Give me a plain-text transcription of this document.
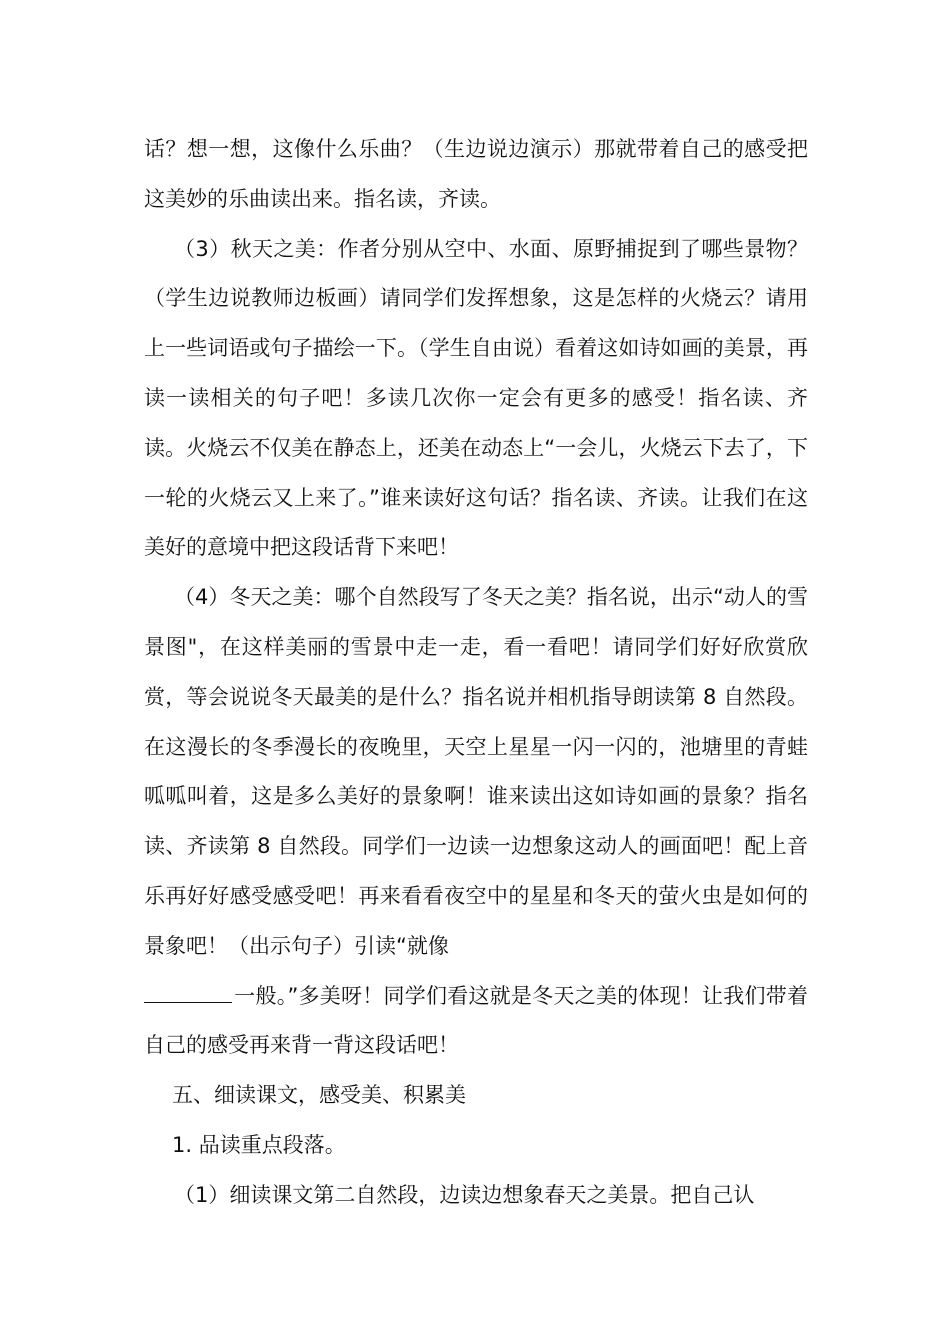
话？想一想，这像什么乐曲？（生边说边演示）那就带着自己的感受把这美妙的乐曲读出来。指名读，齐读。

（3）秋天之美：作者分别从空中、水面、原野捕捉到了哪些景物？（学生边说教师边板画）请同学们发挥想象，这是怎样的火烧云？请用上一些词语或句子描绘一下。（学生自由说）看着这如诗如画的美景，再读一读相关的句子吧！多读几次你一定会有更多的感受！指名读、齐读。火烧云不仅美在静态上，还美在动态上“一会儿，火烧云下去了，下一轮的火烧云又上来了。”谁来读好这句话？指名读、齐读。让我们在这美好的意境中把这段话背下来吧！

（4）冬天之美：哪个自然段写了冬天之美？指名说，出示“动人的雪景图"，在这样美丽的雪景中走一走，看一看吧！请同学们好好欣赏欣赏，等会说说冬天最美的是什么？指名说并相机指导朗读第 8 自然段。在这漫长的冬季漫长的夜晚里，天空上星星一闪一闪的，池塘里的青蛙呱呱叫着，这是多么美好的景象啊！谁来读出这如诗如画的景象？指名读、齐读第 8 自然段。同学们一边读一边想象这动人的画面吧！配上音乐再好好感受感受吧！再来看看夜空中的星星和冬天的萤火虫是如何的景象吧！（出示句子）引读“就像
一般。”多美呀！同学们看这就是冬天之美的体现！让我们带着自己的感受再来背一背这段话吧！

五、细读课文，感受美、积累美

1. 品读重点段落。

（1）细读课文第二自然段，边读边想象春天之美景。把自己认
